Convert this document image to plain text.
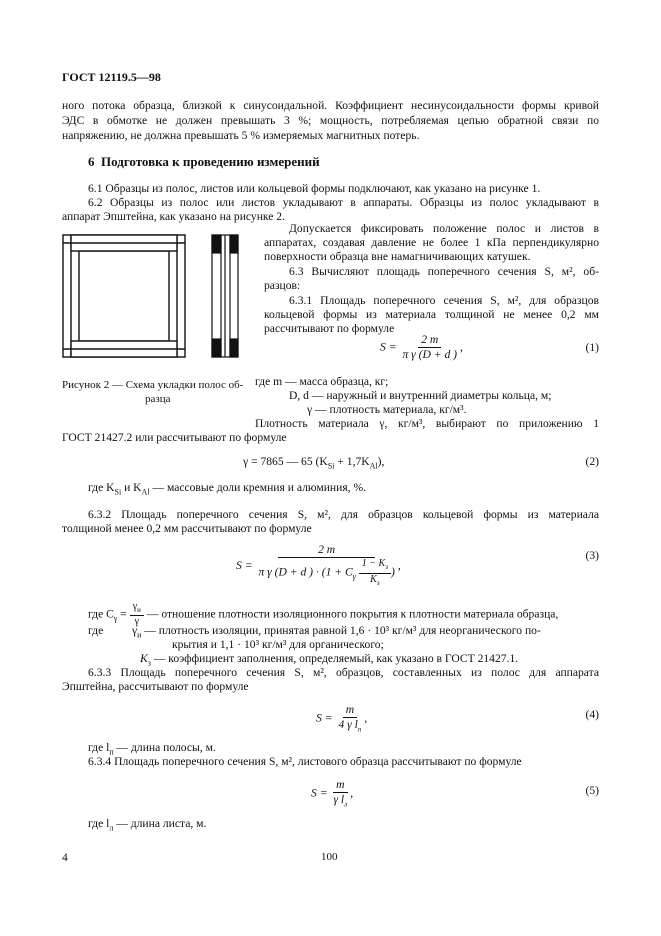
ГОСТ 12119.5—98
ного потока образца, близкой к синусоидальной. Коэффициент несинусоидальности формы кривой
ЭДС в обмотке не должен превышать 3 %; мощность, потребляемая цепью обратной связи по
напряжению, не должна превышать 5 % измеряемых магнитных потерь.
6 Подготовка к проведению измерений
6.1 Образцы из полос, листов или кольцевой формы подключают, как указано на рисунке 1.
6.2 Образцы из полос или листов укладывают в аппараты. Образцы из полос укладывают в
аппарат Эпштейна, как указано на рисунке 2.
Допускается фиксировать положение полос и листов в
аппаратах, создавая давление не более 1 кПа перпендикулярно
поверхности образца вне намагничивающих катушек.
6.3 Вычисляют площадь поперечного сечения S, м², об-
разцов:
6.3.1 Площадь поперечного сечения S, м², для образцов
кольцевой формы из материала толщиной не менее 0,2 мм
рассчитывают по формуле
$S = \frac{2 m}{\text{π γ (D + d )}}$ ,	(1)
Рисунок 2 — Схема укладки полос об-
разца
где m — масса образца, кг;
D, d — наружный и внутренний диаметры кольца, м;
γ — плотность материала, кг/м³.
Плотность материала γ, кг/м³, выбирают по приложению 1
ГОСТ 21427.2 или рассчитывают по формуле
γ = 7865 — 65 $(K_{Si} + 1,7K_{Al})$,	(2)
где $K_{Si}$ и $K_{Al}$ — массовые доли кремния и алюминия, %.
6.3.2 Площадь поперечного сечения S, м², для образцов кольцевой формы из материала
толщиной менее 0,2 мм рассчитывают по формуле
S =
2 m
π γ (D + d ) · ($1 + C_\gamma \frac{1 - K_з}{K_з}$ )
,
(3)
где $C_\gamma = \frac{\gamma_и}{\gamma}$ — отношение плотности изоляционного покрытия к плотности материала образца,
где $\gamma_и$ — плотность изоляции, принятая равной 1,6 · 10³ кг/м³ для неорганического по-
крытия и 1,1 · 10³ кг/м³ для органического;
$K_з$ — коэффициент заполнения, определяемый, как указано в ГОСТ 21427.1.
6.3.3 Площадь поперечного сечения S, м², образцов, составленных из полос для аппарата
Эпштейна, рассчитывают по формуле
$S = \frac{m}{4 \gamma l_п}$ ,	(4)
где $l_п$ — длина полосы, м.
6.3.4 Площадь поперечного сечения S, м², листового образца рассчитывают по формуле
$S = \frac{m}{\gamma l_л}$ ,	(5)
где $l_л$ — длина листа, м.
4	100
